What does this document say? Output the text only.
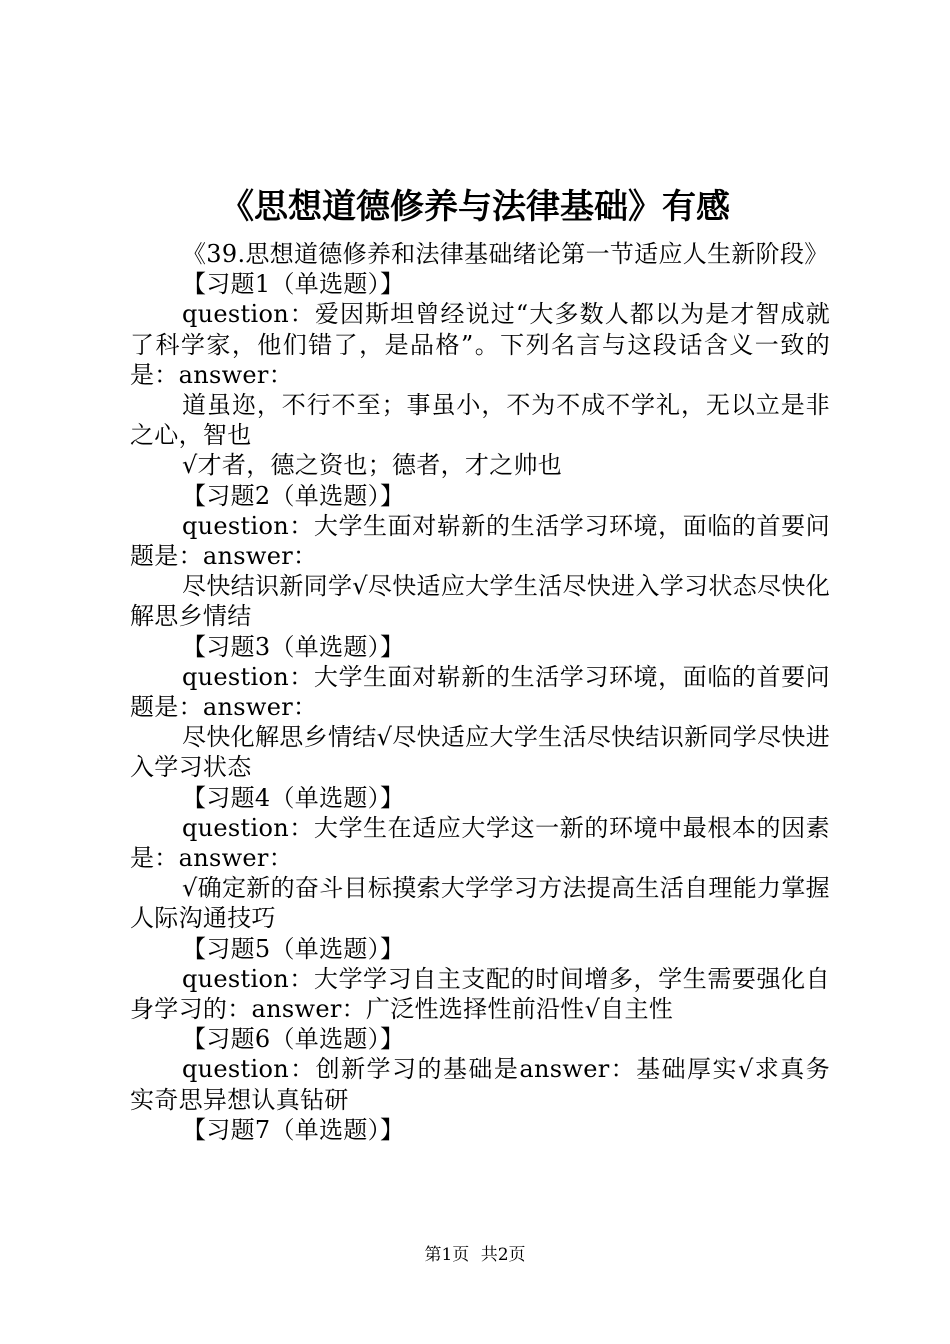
《思想道德修养与法律基础》有感

《39.思想道德修养和法律基础绪论第一节适应人生新阶段》

【习题1（单选题）】

question：爱因斯坦曾经说过“大多数人都以为是才智成就了科学家，他们错了，是品格”。下列名言与这段话含义一致的是：answer：

道虽迩，不行不至；事虽小，不为不成不学礼，无以立是非之心，智也

√才者，德之资也；德者，才之帅也

【习题2（单选题）】

question：大学生面对崭新的生活学习环境，面临的首要问题是：answer：

尽快结识新同学√尽快适应大学生活尽快进入学习状态尽快化解思乡情结

【习题3（单选题）】

question：大学生面对崭新的生活学习环境，面临的首要问题是：answer：

尽快化解思乡情结√尽快适应大学生活尽快结识新同学尽快进入学习状态

【习题4（单选题）】

question：大学生在适应大学这一新的环境中最根本的因素是：answer：

√确定新的奋斗目标摸索大学学习方法提高生活自理能力掌握人际沟通技巧

【习题5（单选题）】

question：大学学习自主支配的时间增多，学生需要强化自身学习的：answer：广泛性选择性前沿性√自主性

【习题6（单选题）】

question：创新学习的基础是answer：基础厚实√求真务实奇思异想认真钻研

【习题7（单选题）】

第1页 共2页
